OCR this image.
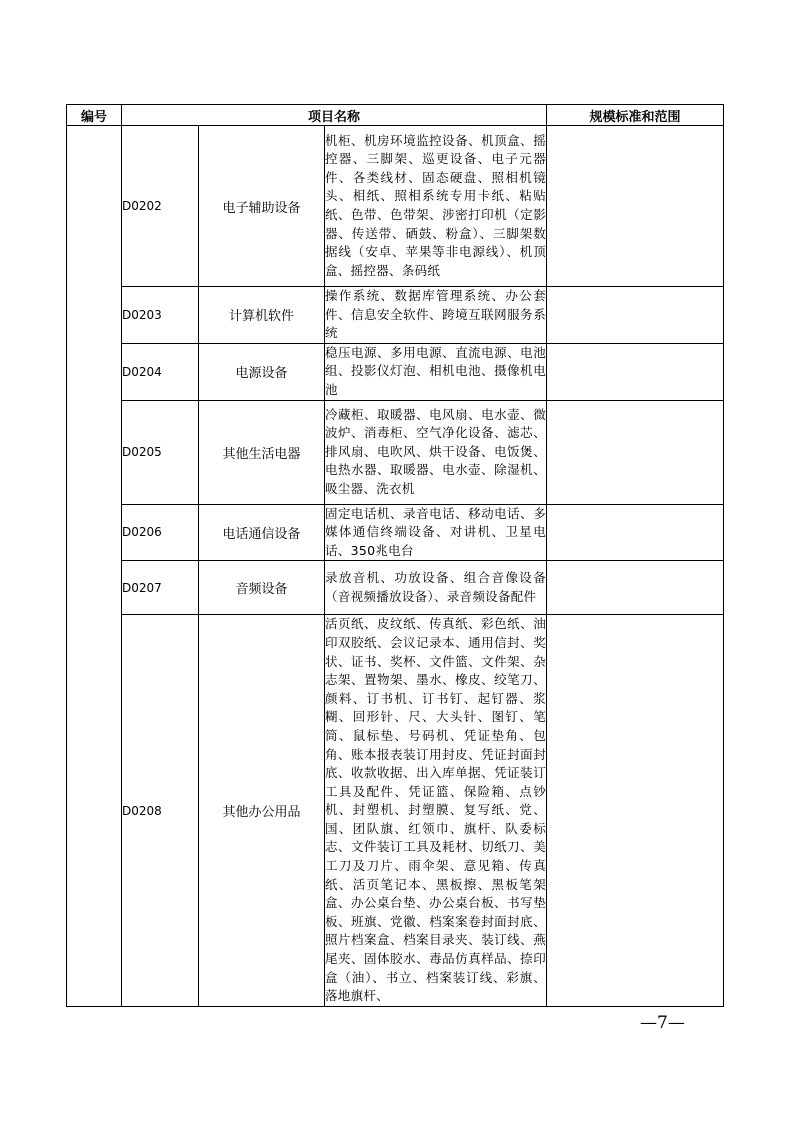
编号	项目名称			规模标准和范围
	D0202	电子辅助设备	机柜、机房环境监控设备、机顶盒、摇控器、三脚架、巡更设备、电子元器件、各类线材、固态硬盘、照相机镜头、相纸、照相系统专用卡纸、粘贴纸、色带、色带架、涉密打印机（定影器、传送带、硒鼓、粉盒）、三脚架数据线（安卓、苹果等非电源线）、机顶盒、摇控器、条码纸	
	D0203	计算机软件	操作系统、数据库管理系统、办公套件、信息安全软件、跨境互联网服务系统	
	D0204	电源设备	稳压电源、多用电源、直流电源、电池组、投影仪灯泡、相机电池、摄像机电池	
	D0205	其他生活电器	冷藏柜、取暖器、电风扇、电水壶、微波炉、消毒柜、空气净化设备、滤芯、排风扇、电吹风、烘干设备、电饭煲、电热水器、取暖器、电水壶、除湿机、吸尘器、洗衣机	
	D0206	电话通信设备	固定电话机、录音电话、移动电话、多媒体通信终端设备、对讲机、卫星电话、350兆电台	
	D0207	音频设备	录放音机、功放设备、组合音像设备（音视频播放设备）、录音频设备配件	
	D0208	其他办公用品	活页纸、皮纹纸、传真纸、彩色纸、油印双胶纸、会议记录本、通用信封、奖状、证书、奖杯、文件篮、文件架、杂志架、置物架、墨水、橡皮、绞笔刀、颜料、订书机、订书钉、起钉器、浆糊、回形针、尺、大头针、图钉、笔筒、鼠标垫、号码机、凭证垫角、包角、账本报表装订用封皮、凭证封面封底、收款收据、出入库单据、凭证装订工具及配件、凭证篮、保险箱、点钞机、封塑机、封塑膜、复写纸、党、国、团队旗、红领巾、旗杆、队委标志、文件装订工具及耗材、切纸刀、美工刀及刀片、雨伞架、意见箱、传真纸、活页笔记本、黑板擦、黑板笔架盒、办公桌台垫、办公桌台板、书写垫板、班旗、党徽、档案案卷封面封底、照片档案盒、档案目录夹、装订线、燕尾夹、固体胶水、毒品仿真样品、捺印盒（油）、书立、档案装订线、彩旗、落地旗杆、	
—7—
